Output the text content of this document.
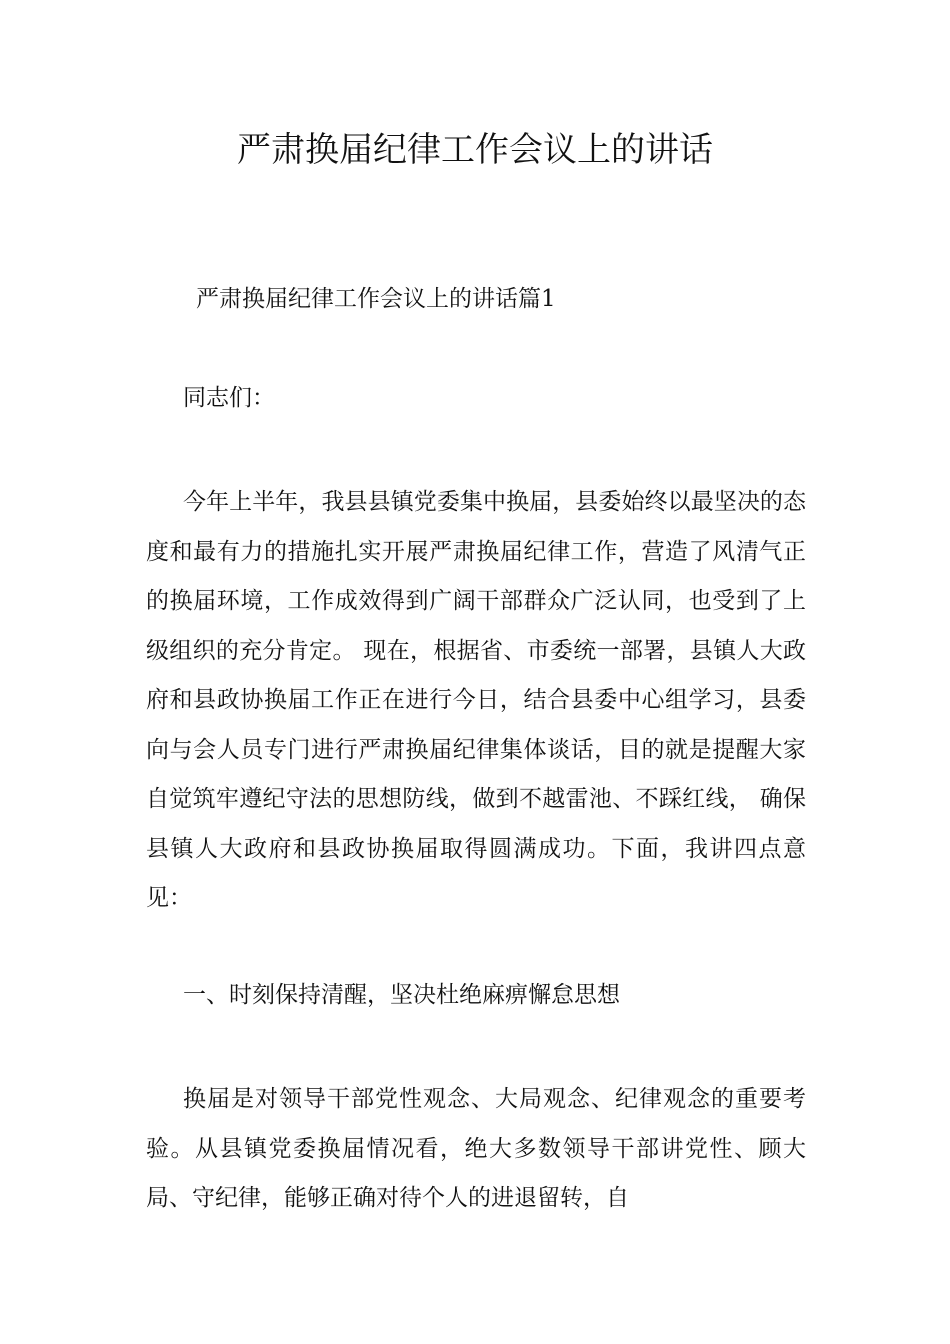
严肃换届纪律工作会议上的讲话
严肃换届纪律工作会议上的讲话篇1
同志们：

今年上半年，我县县镇党委集中换届，县委始终以最坚决的态度和最有力的措施扎实开展严肃换届纪律工作，营造了风清气正的换届环境，工作成效得到广阔干部群众广泛认同，也受到了上级组织的充分肯定。 现在，根据省、市委统一部署，县镇人大政府和县政协换届工作正在进行今日，结合县委中心组学习，县委向与会人员专门进行严肃换届纪律集体谈话，目的就是提醒大家自觉筑牢遵纪守法的思想防线，做到不越雷池、不踩红线， 确保县镇人大政府和县政协换届取得圆满成功。下面，我讲四点意见：

一、时刻保持清醒，坚决杜绝麻痹懈怠思想

换届是对领导干部党性观念、大局观念、纪律观念的重要考验。从县镇党委换届情况看，绝大多数领导干部讲党性、顾大局、守纪律，能够正确对待个人的进退留转，自
